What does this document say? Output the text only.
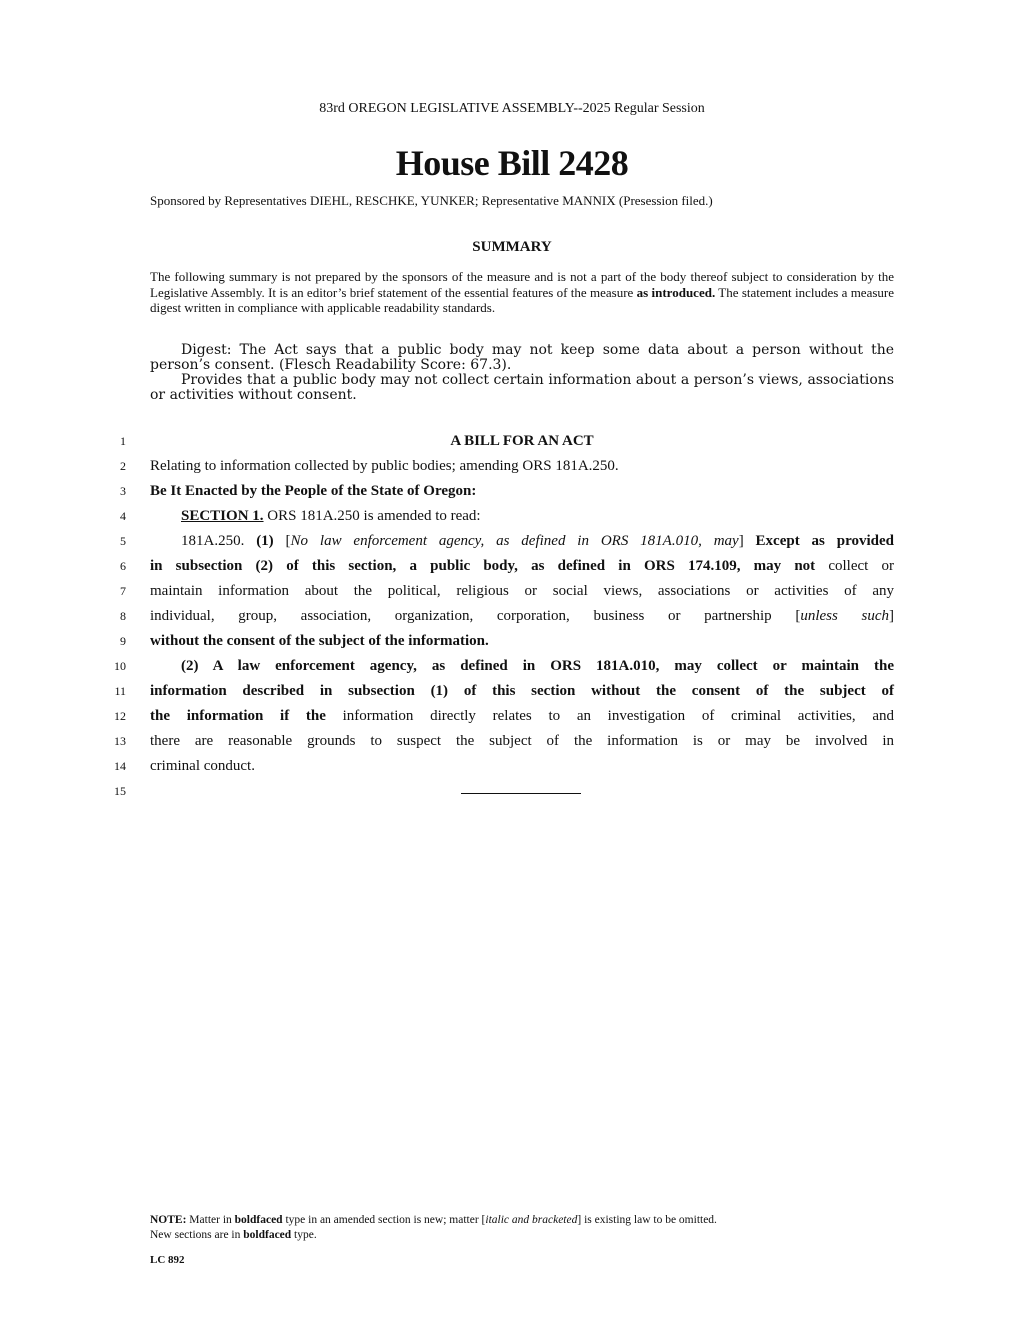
83rd OREGON LEGISLATIVE ASSEMBLY--2025 Regular Session
House Bill 2428
Sponsored by Representatives DIEHL, RESCHKE, YUNKER; Representative MANNIX (Presession filed.)
SUMMARY
The following summary is not prepared by the sponsors of the measure and is not a part of the body thereof subject to consideration by the Legislative Assembly. It is an editor’s brief statement of the essential features of the measure as introduced. The statement includes a measure digest written in compliance with applicable readability standards.

Digest: The Act says that a public body may not keep some data about a person without the person’s consent. (Flesch Readability Score: 67.3).

Provides that a public body may not collect certain information about a person’s views, associations or activities without consent.

1	A BILL FOR AN ACT
2 Relating to information collected by public bodies; amending ORS 181A.250.
3 Be It Enacted by the People of the State of Oregon:
4	SECTION 1. ORS 181A.250 is amended to read:
5	181A.250. (1) [No law enforcement agency, as defined in ORS 181A.010, may] Except as provided
6 in subsection (2) of this section, a public body, as defined in ORS 174.109, may not collect or
7 maintain information about the political, religious or social views, associations or activities of any
8 individual, group, association, organization, corporation, business or partnership [unless such]
9 without the consent of the subject of the information.
10	(2) A law enforcement agency, as defined in ORS 181A.010, may collect or maintain the
11 information described in subsection (1) of this section without the consent of the subject of
12 the information if the information directly relates to an investigation of criminal activities, and
13 there are reasonable grounds to suspect the subject of the information is or may be involved in
14 criminal conduct.
15
NOTE: Matter in boldfaced type in an amended section is new; matter [italic and bracketed] is existing law to be omitted.
New sections are in boldfaced type.
LC 892
